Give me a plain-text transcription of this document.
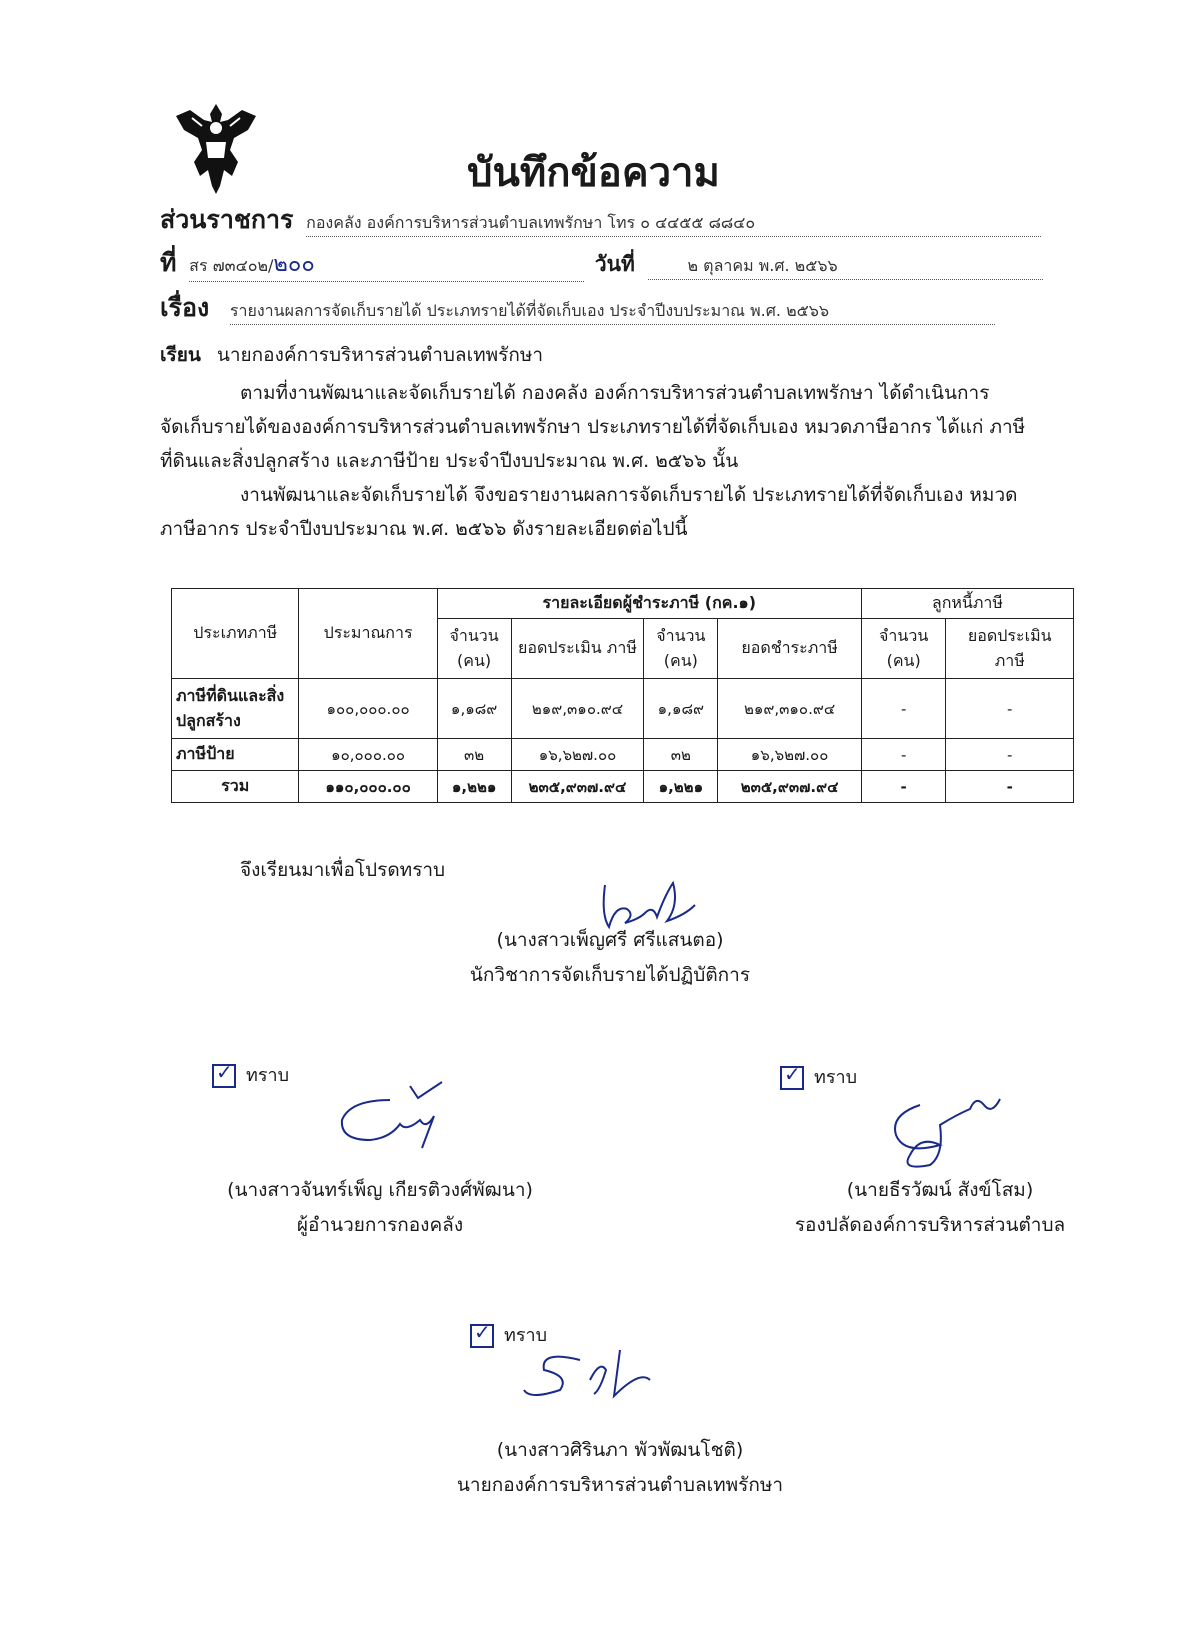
บันทึกข้อความ
ส่วนราชการ กองคลัง องค์การบริหารส่วนตำบลเทพรักษา โทร ๐ ๔๔๕๕ ๘๘๔๐
ที่ สร ๗๓๔๐๒/๒๐๐	วันที่	๒ ตุลาคม พ.ศ. ๒๕๖๖
เรื่อง รายงานผลการจัดเก็บรายได้ ประเภทรายได้ที่จัดเก็บเอง ประจำปีงบประมาณ พ.ศ. ๒๕๖๖
เรียน นายกองค์การบริหารส่วนตำบลเทพรักษา
ตามที่งานพัฒนาและจัดเก็บรายได้ กองคลัง องค์การบริหารส่วนตำบลเทพรักษา ได้ดำเนินการ
จัดเก็บรายได้ขององค์การบริหารส่วนตำบลเทพรักษา ประเภทรายได้ที่จัดเก็บเอง หมวดภาษีอากร ได้แก่ ภาษี
ที่ดินและสิ่งปลูกสร้าง และภาษีป้าย ประจำปีงบประมาณ พ.ศ. ๒๕๖๖ นั้น
งานพัฒนาและจัดเก็บรายได้ จึงขอรายงานผลการจัดเก็บรายได้ ประเภทรายได้ที่จัดเก็บเอง หมวด
ภาษีอากร ประจำปีงบประมาณ พ.ศ. ๒๕๖๖ ดังรายละเอียดต่อไปนี้
ประเภทภาษี	ประมาณการ	รายละเอียดผู้ชำระภาษี (กค.๑)				ลูกหนี้ภาษี	
		จำนวน (คน)	ยอดประเมิน ภาษี	จำนวน (คน)	ยอดชำระภาษี	จำนวน (คน)	ยอดประเมิน ภาษี
ภาษีที่ดินและสิ่งปลูกสร้าง	๑๐๐,๐๐๐.๐๐	๑,๑๘๙	๒๑๙,๓๑๐.๙๔	๑,๑๘๙	๒๑๙,๓๑๐.๙๔	-	-
ภาษีป้าย	๑๐,๐๐๐.๐๐	๓๒	๑๖,๖๒๗.๐๐	๓๒	๑๖,๖๒๗.๐๐	-	-
รวม	๑๑๐,๐๐๐.๐๐	๑,๒๒๑	๒๓๕,๙๓๗.๙๔	๑,๒๒๑	๒๓๕,๙๓๗.๙๔	-	-
จึงเรียนมาเพื่อโปรดทราบ
(นางสาวเพ็ญศรี ศรีแสนตอ)
นักวิชาการจัดเก็บรายได้ปฏิบัติการ
✓ ทราบ
(นางสาวจันทร์เพ็ญ เกียรติวงศ์พัฒนา)
ผู้อำนวยการกองคลัง
✓ ทราบ
(นายธีรวัฒน์ สังข์โสม)
รองปลัดองค์การบริหารส่วนตำบล
✓ ทราบ
(นางสาวศิรินภา พัวพัฒนโชติ)
นายกองค์การบริหารส่วนตำบลเทพรักษา
